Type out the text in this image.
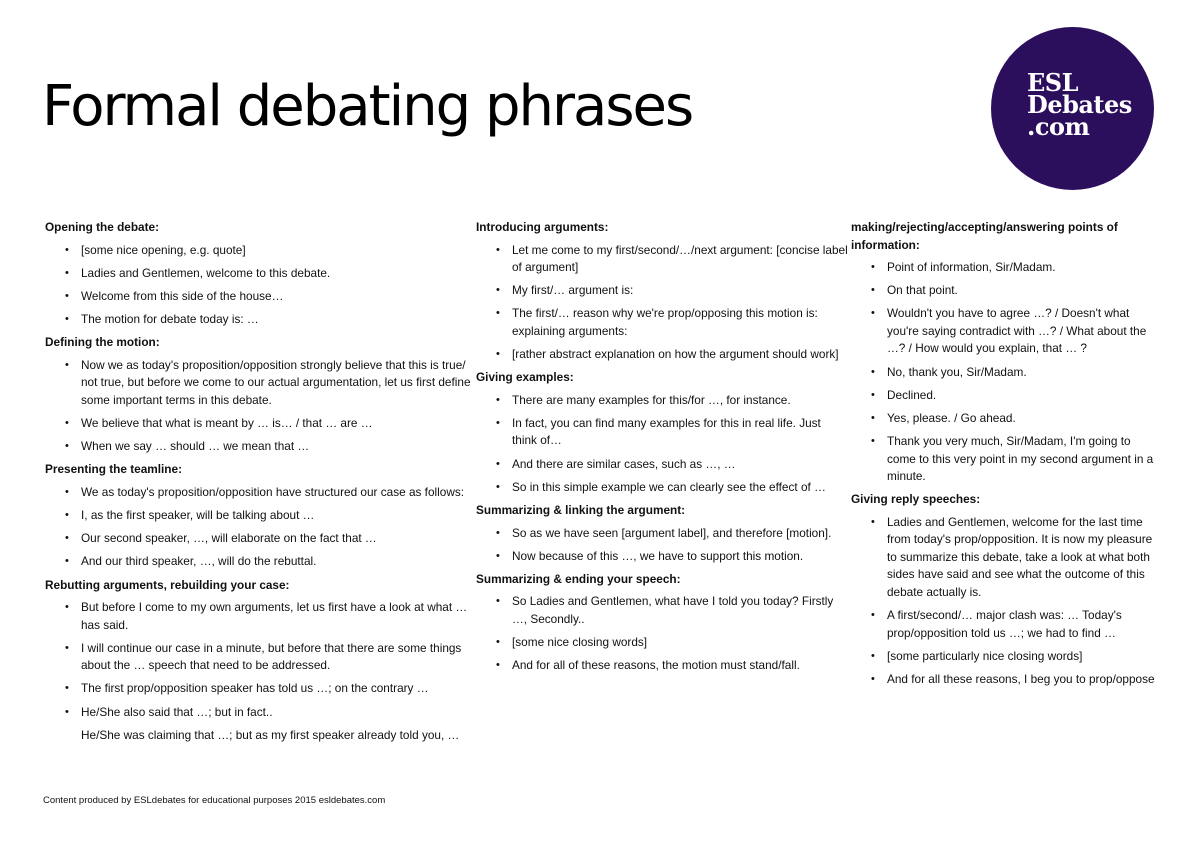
Formal debating phrases	ESL
Debates
.com
Opening the debate:
• [some nice opening, e.g. quote]
• Ladies and Gentlemen, welcome to this debate.
• Welcome from this side of the house…
• The motion for debate today is: …
Defining the motion:
• Now we as today's proposition/opposition strongly believe that this is true/ not true, but before we come to our actual argumentation, let us first define some important terms in this debate.
• We believe that what is meant by … is… / that … are …
• When we say … should … we mean that …
Presenting the teamline:
• We as today's proposition/opposition have structured our case as follows:
• I, as the first speaker, will be talking about …
• Our second speaker, …, will elaborate on the fact that …
• And our third speaker, …, will do the rebuttal.
Rebutting arguments, rebuilding your case:
• But before I come to my own arguments, let us first have a look at what … has said.
• I will continue our case in a minute, but before that there are some things about the … speech that need to be addressed.
• The first prop/opposition speaker has told us …; on the contrary …
• He/She also said that …; but in fact..
He/She was claiming that …; but as my first speaker already told you, …
Introducing arguments:
• Let me come to my first/second/…/next argument: [concise label of argument]
• My first/… argument is:
• The first/… reason why we're prop/opposing this motion is: explaining arguments:
• [rather abstract explanation on how the argument should work]
Giving examples:
• There are many examples for this/for …, for instance.
• In fact, you can find many examples for this in real life. Just think of…
• And there are similar cases, such as …, …
• So in this simple example we can clearly see the effect of …
Summarizing & linking the argument:
• So as we have seen [argument label], and therefore [motion].
• Now because of this …, we have to support this motion.
Summarizing & ending your speech:
• So Ladies and Gentlemen, what have I told you today? Firstly …, Secondly..
• [some nice closing words]
• And for all of these reasons, the motion must stand/fall.
making/rejecting/accepting/answering points of information:
• Point of information, Sir/Madam.
• On that point.
• Wouldn't you have to agree …? / Doesn't what you're saying contradict with …? / What about the …? / How would you explain, that … ?
• No, thank you, Sir/Madam.
• Declined.
• Yes, please. / Go ahead.
• Thank you very much, Sir/Madam, I'm going to come to this very point in my second argument in a minute.
Giving reply speeches:
• Ladies and Gentlemen, welcome for the last time from today's prop/opposition. It is now my pleasure to summarize this debate, take a look at what both sides have said and see what the outcome of this debate actually is.
• A first/second/… major clash was: … Today's prop/opposition told us …; we had to find …
• [some particularly nice closing words]
• And for all these reasons, I beg you to prop/oppose
Content produced by ESLdebates for educational purposes 2015 esldebates.com
